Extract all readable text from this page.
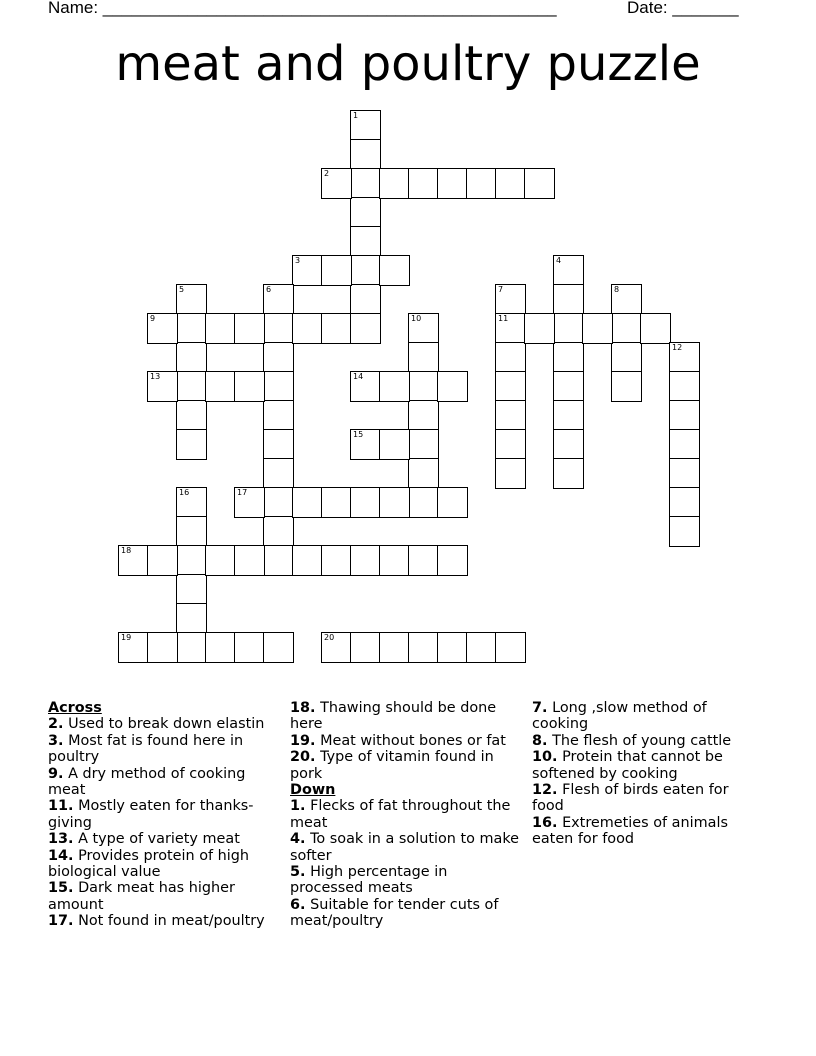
Name: ________________________________________________	Date: _______
meat and poultry puzzle
1
2
3	4
5	6	7
11
8
9	10
12
13	14
15
16	17
18
19	20
Across
2. Used to break down elastin
3. Most fat is found here in poultry
9. A dry method of cooking meat
11. Mostly eaten for thanks-giving
13. A type of variety meat
14. Provides protein of high biological value
15. Dark meat has higher amount
17. Not found in meat/poultry
18. Thawing should be done here
19. Meat without bones or fat
20. Type of vitamin found in pork
Down
1. Flecks of fat throughout the meat
4. To soak in a solution to make softer
5. High percentage in processed meats
6. Suitable for tender cuts of meat/poultry
7. Long ,slow method of cooking
8. The flesh of young cattle
10. Protein that cannot be softened by cooking
12. Flesh of birds eaten for food
16. Extremeties of animals eaten for food
